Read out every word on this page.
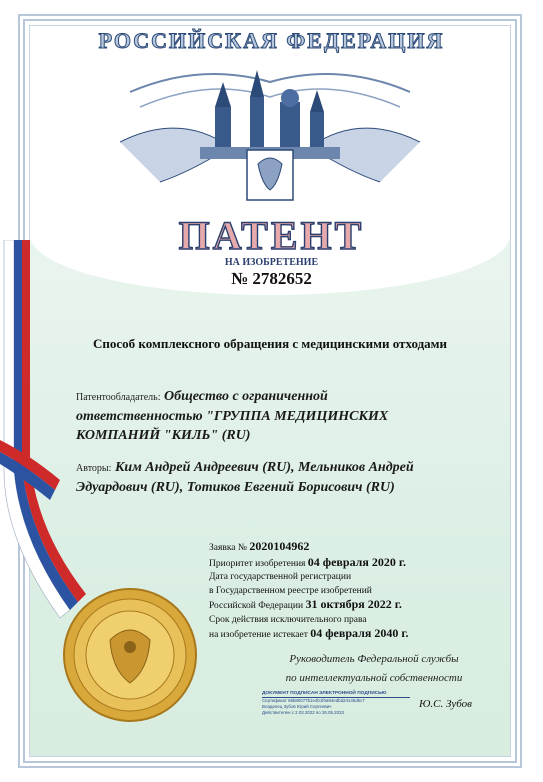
РОССИЙСКАЯ ФЕДЕРАЦИЯ
ПАТЕНТ
НА ИЗОБРЕТЕНИЕ
№ 2782652
Способ комплексного обращения с медицинскими отходами
Патентообладатель: Общество с ограниченной ответственностью "ГРУППА МЕДИЦИНСКИХ КОМПАНИЙ "КИЛЬ" (RU)
Авторы: Ким Андрей Андреевич (RU), Мельников Андрей Эдуардович (RU), Тотиков Евгений Борисович (RU)
Заявка № 2020104962
Приоритет изобретения 04 февраля 2020 г.
Дата государственной регистрации
в Государственном реестре изобретений
Российской Федерации 31 октября 2022 г.
Срок действия исключительного права
на изобретение истекает 04 февраля 2040 г.
Руководитель Федеральной службы
по интеллектуальной собственности
ДОКУМЕНТ ПОДПИСАН ЭЛЕКТРОННОЙ ПОДПИСЬЮ
Сертификат 68b80077b1e4b1f0a94edbd24145d5c7
Владелец Зубов Юрий Сергеевич
Действителен с 2.03.2022 по 26.05.2023
Ю.С. Зубов
